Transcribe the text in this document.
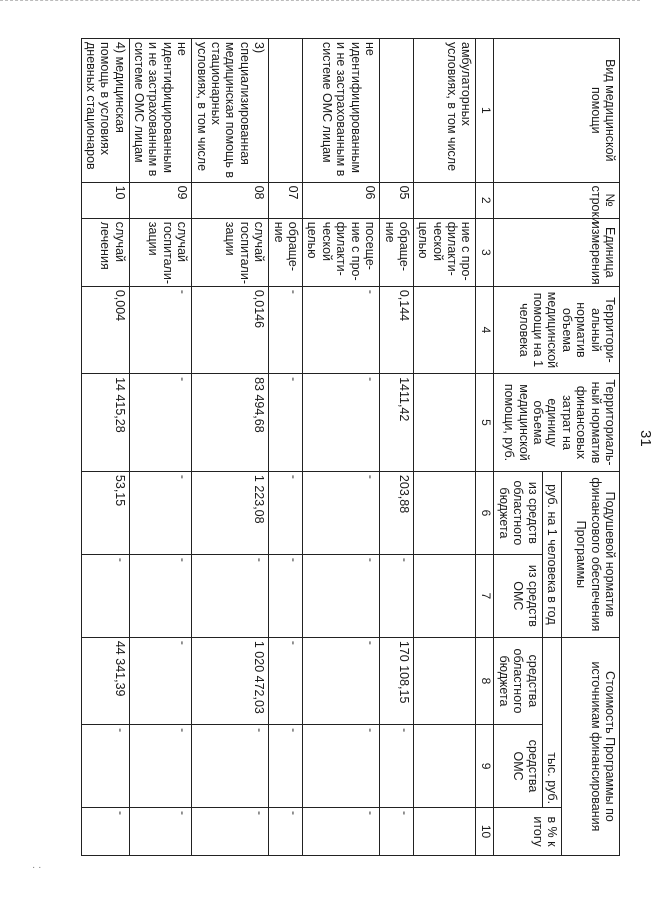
31
Вид медицинской помощи	№ строки	Единица измерения	Территори-альный норматив объема медицинской помощи на 1 человека	Территориаль-ный норматив финансовых затрат на единицу объема медицинской помощи, руб.	Подушевой норматив финансового обеспечения Программы		Стоимость Программы по источникам финансирования		
					руб. на 1 человека в год		тыс. руб.		в % к итогу
					из средств областного бюджета	из средств ОМС	средства областного бюджета	средства ОМС	
1	2	3	4	5	6	7	8	9	10
амбулаторных условиях, в том числе		ние с про-филакти-ческой целью							
	05	обраще-ние	0,144	1411,42	203,88	-	170 108,15	-	-
не идентифицированным и не застрахованным в системе ОМС лицам	06	посеще-ние с про-филакти-ческой целью	-	-	-	-	-	-	-
	07	обраще-ние	-	-	-	-	-	-	-
3) специализированная медицинская помощь в стационарных условиях, в том числе	08	случай госпитали-зации	0,0146	83 494,68	1 223,08	-	1 020 472,03	-	-
не идентифицированным и не застрахованным в системе ОМС лицам	09	случай госпитали-зации	-	-	-	-	-	-	-
4) медицинская помощь в условиях дневных стационаров	10	случай лечения	0,004	14 415,28	53,15	-	44 341,39	-	-
· ·
